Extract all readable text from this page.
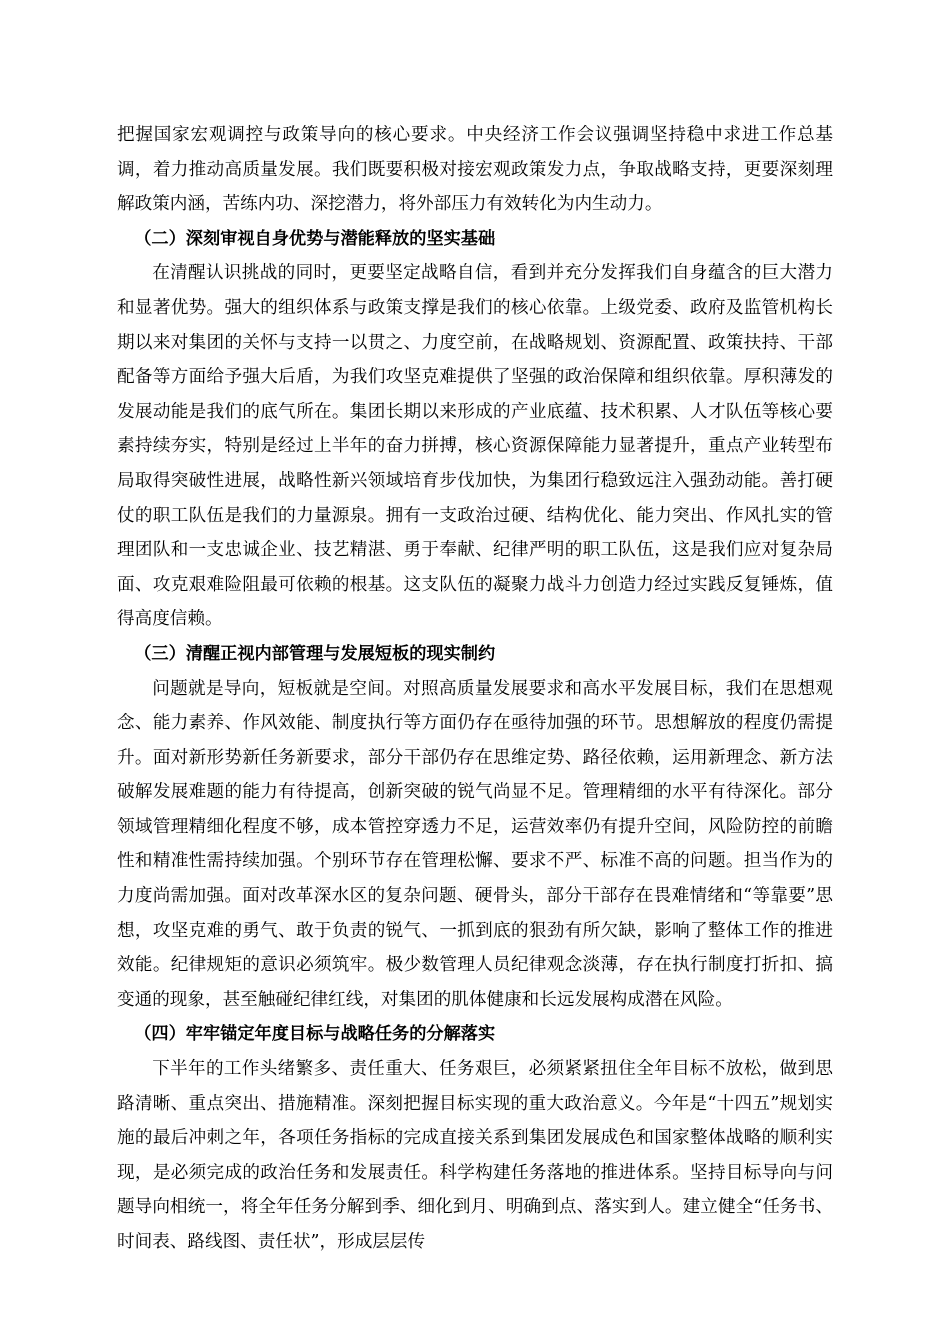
把握国家宏观调控与政策导向的核心要求。中央经济工作会议强调坚持稳中求进工作总基调，着力推动高质量发展。我们既要积极对接宏观政策发力点，争取战略支持，更要深刻理解政策内涵，苦练内功、深挖潜力，将外部压力有效转化为内生动力。

（二）深刻审视自身优势与潜能释放的坚实基础

在清醒认识挑战的同时，更要坚定战略自信，看到并充分发挥我们自身蕴含的巨大潜力和显著优势。强大的组织体系与政策支撑是我们的核心依靠。上级党委、政府及监管机构长期以来对集团的关怀与支持一以贯之、力度空前，在战略规划、资源配置、政策扶持、干部配备等方面给予强大后盾，为我们攻坚克难提供了坚强的政治保障和组织依靠。厚积薄发的发展动能是我们的底气所在。集团长期以来形成的产业底蕴、技术积累、人才队伍等核心要素持续夯实，特别是经过上半年的奋力拼搏，核心资源保障能力显著提升，重点产业转型布局取得突破性进展，战略性新兴领域培育步伐加快，为集团行稳致远注入强劲动能。善打硬仗的职工队伍是我们的力量源泉。拥有一支政治过硬、结构优化、能力突出、作风扎实的管理团队和一支忠诚企业、技艺精湛、勇于奉献、纪律严明的职工队伍，这是我们应对复杂局面、攻克艰难险阻最可依赖的根基。这支队伍的凝聚力战斗力创造力经过实践反复锤炼，值得高度信赖。

（三）清醒正视内部管理与发展短板的现实制约

问题就是导向，短板就是空间。对照高质量发展要求和高水平发展目标，我们在思想观念、能力素养、作风效能、制度执行等方面仍存在亟待加强的环节。思想解放的程度仍需提升。面对新形势新任务新要求，部分干部仍存在思维定势、路径依赖，运用新理念、新方法破解发展难题的能力有待提高，创新突破的锐气尚显不足。管理精细的水平有待深化。部分领域管理精细化程度不够，成本管控穿透力不足，运营效率仍有提升空间，风险防控的前瞻性和精准性需持续加强。个别环节存在管理松懈、要求不严、标准不高的问题。担当作为的力度尚需加强。面对改革深水区的复杂问题、硬骨头，部分干部存在畏难情绪和“等靠要”思想，攻坚克难的勇气、敢于负责的锐气、一抓到底的狠劲有所欠缺，影响了整体工作的推进效能。纪律规矩的意识必须筑牢。极少数管理人员纪律观念淡薄，存在执行制度打折扣、搞变通的现象，甚至触碰纪律红线，对集团的肌体健康和长远发展构成潜在风险。

（四）牢牢锚定年度目标与战略任务的分解落实

下半年的工作头绪繁多、责任重大、任务艰巨，必须紧紧扭住全年目标不放松，做到思路清晰、重点突出、措施精准。深刻把握目标实现的重大政治意义。今年是“十四五”规划实施的最后冲刺之年，各项任务指标的完成直接关系到集团发展成色和国家整体战略的顺利实现，是必须完成的政治任务和发展责任。科学构建任务落地的推进体系。坚持目标导向与问题导向相统一，将全年任务分解到季、细化到月、明确到点、落实到人。建立健全“任务书、时间表、路线图、责任状”，形成层层传
